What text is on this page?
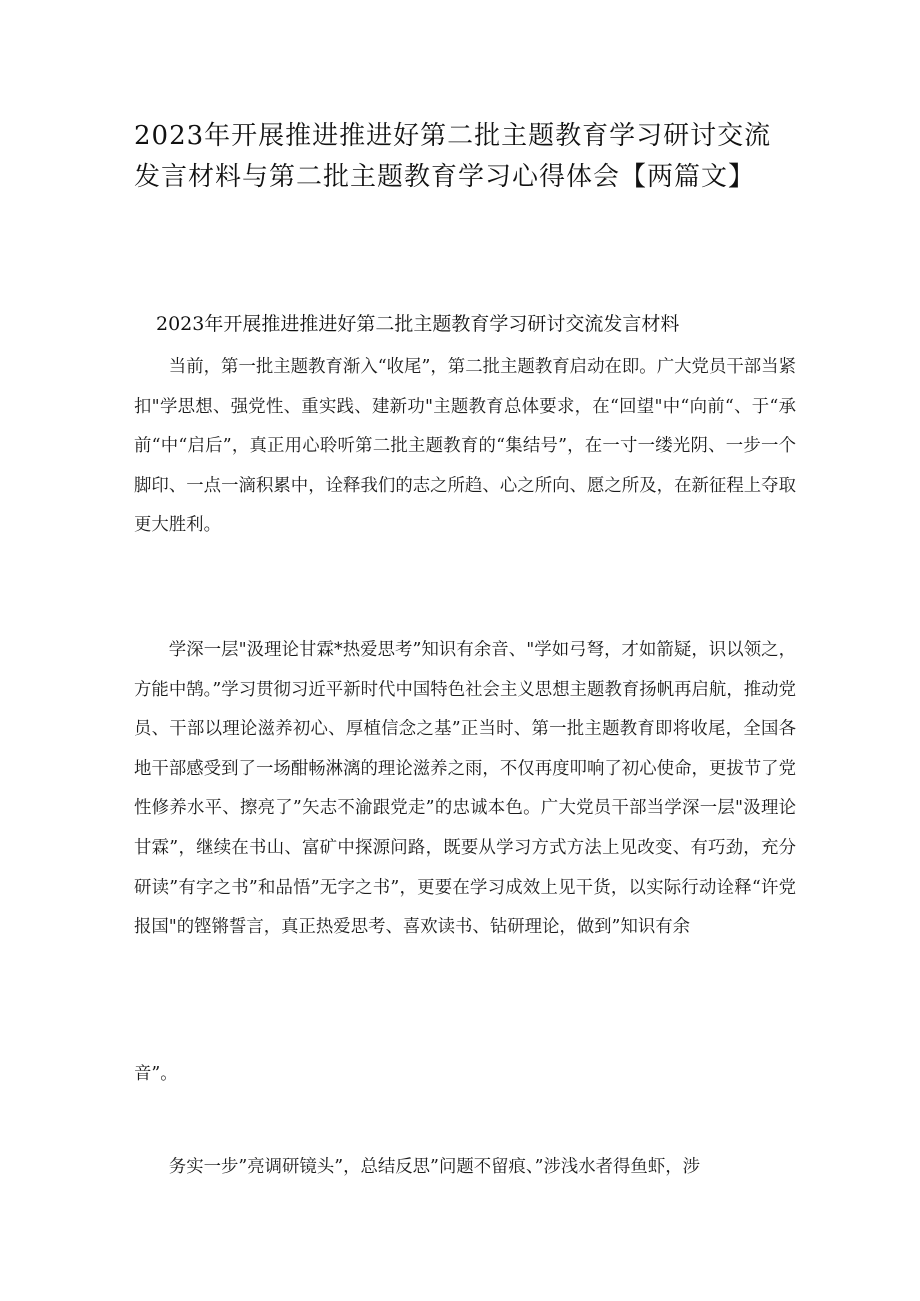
2023年开展推进推进好第二批主题教育学习研讨交流发言材料与第二批主题教育学习心得体会【两篇文】
2023年开展推进推进好第二批主题教育学习研讨交流发言材料

当前，第一批主题教育渐入“收尾”，第二批主题教育启动在即。广大党员干部当紧扣"学思想、强党性、重实践、建新功"主题教育总体要求，在“回望"中“向前“、于“承前“中“启后”，真正用心聆听第二批主题教育的“集结号”，在一寸一缕光阴、一步一个脚印、一点一滴积累中，诠释我们的志之所趋、心之所向、愿之所及，在新征程上夺取更大胜利。

学深一层"汲理论甘霖*热爱思考”知识有余音、"学如弓弩，才如箭疑，识以领之，方能中鹄。”学习贯彻习近平新时代中国特色社会主义思想主题教育扬帆再启航，推动党员、干部以理论滋养初心、厚植信念之基”正当时、第一批主题教育即将收尾，全国各地干部感受到了一场酣畅淋漓的理论滋养之雨，不仅再度叩响了初心使命，更拔节了党性修养水平、擦亮了”矢志不渝跟党走”的忠诚本色。广大党员干部当学深一层"汲理论甘霖”，继续在书山、富矿中探源问路，既要从学习方式方法上见改变、有巧劲，充分研读”有字之书”和品悟”无字之书”，更要在学习成效上见干货，以实际行动诠释“许党报国"的铿锵誓言，真正热爱思考、喜欢读书、钻研理论，做到”知识有余

音”。

务实一步”亮调研镜头”，总结反思”问题不留痕、”涉浅水者得鱼虾，涉
